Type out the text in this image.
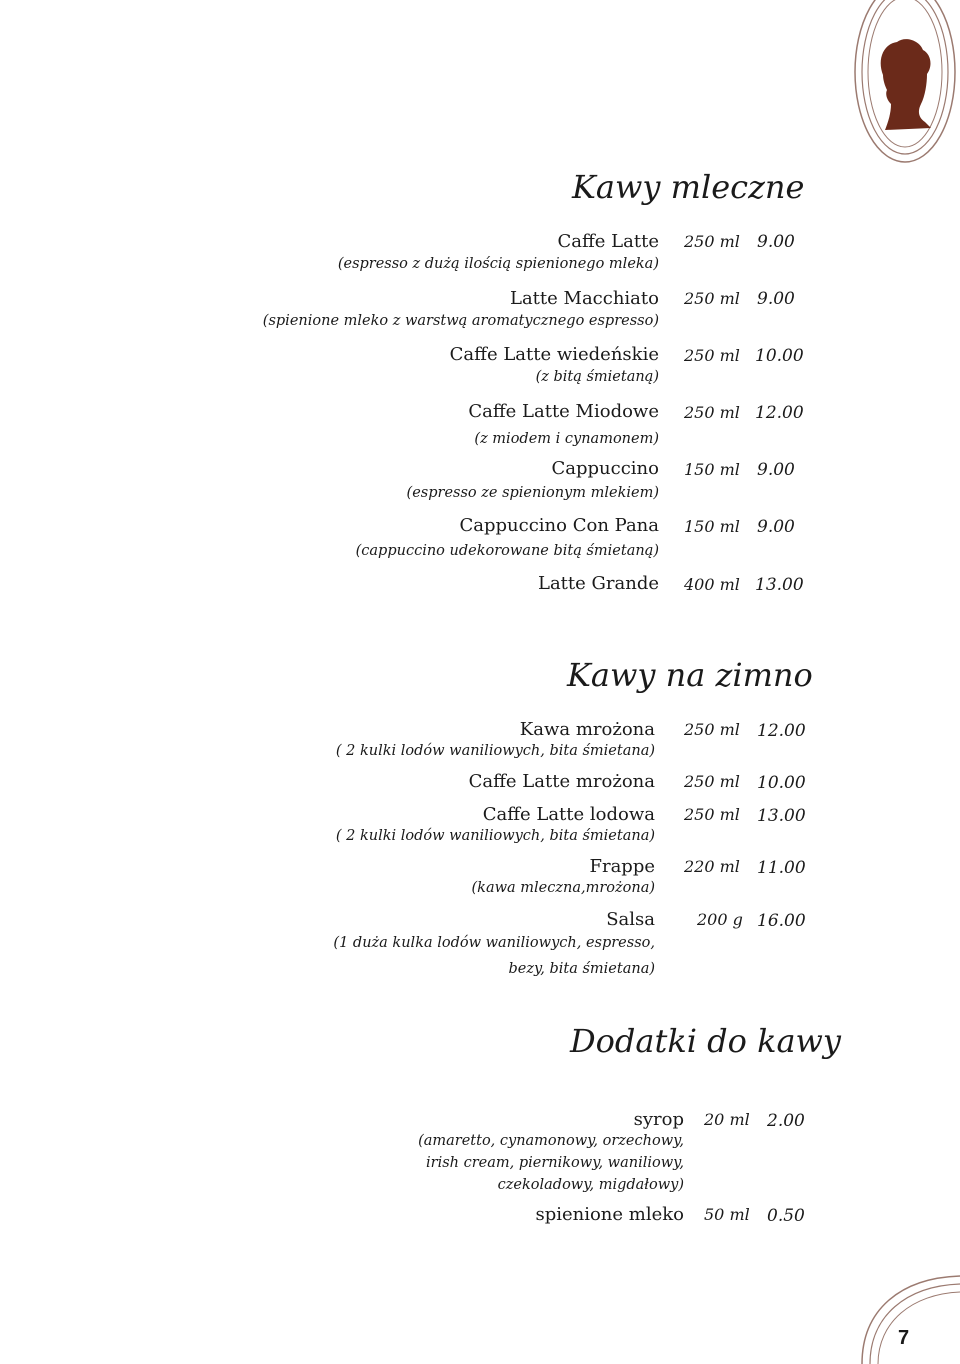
7
Kawy mleczne
Caffe Latte
(espresso z dużą ilością spienionego mleka)
250 ml 9.00
Latte Macchiato
(spienione mleko z warstwą aromatycznego espresso)
250 ml 9.00
Caffe Latte wiedeńskie
(z bitą śmietaną)
250 ml 10.00
Caffe Latte Miodowe
(z miodem i cynamonem)
250 ml 12.00
Cappuccino
(espresso ze spienionym mlekiem)
150 ml 9.00
Cappuccino Con Pana
(cappuccino udekorowane bitą śmietaną)
150 ml 9.00
Latte Grande 400 ml 13.00
Kawy na zimno
Kawa mrożona
( 2 kulki lodów waniliowych, bita śmietana)
250 ml 12.00
Caffe Latte mrożona 250 ml 10.00
Caffe Latte lodowa
( 2 kulki lodów waniliowych, bita śmietana)
250 ml 13.00
Frappe
(kawa mleczna,mrożona)
220 ml 11.00
Salsa
(1 duża kulka lodów waniliowych, espresso,
bezy, bita śmietana)
200 g 16.00
Dodatki do kawy
syrop
(amaretto, cynamonowy, orzechowy,
irish cream, piernikowy, waniliowy,
czekoladowy, migdałowy)
20 ml 2.00
spienione mleko 50 ml 0.50
